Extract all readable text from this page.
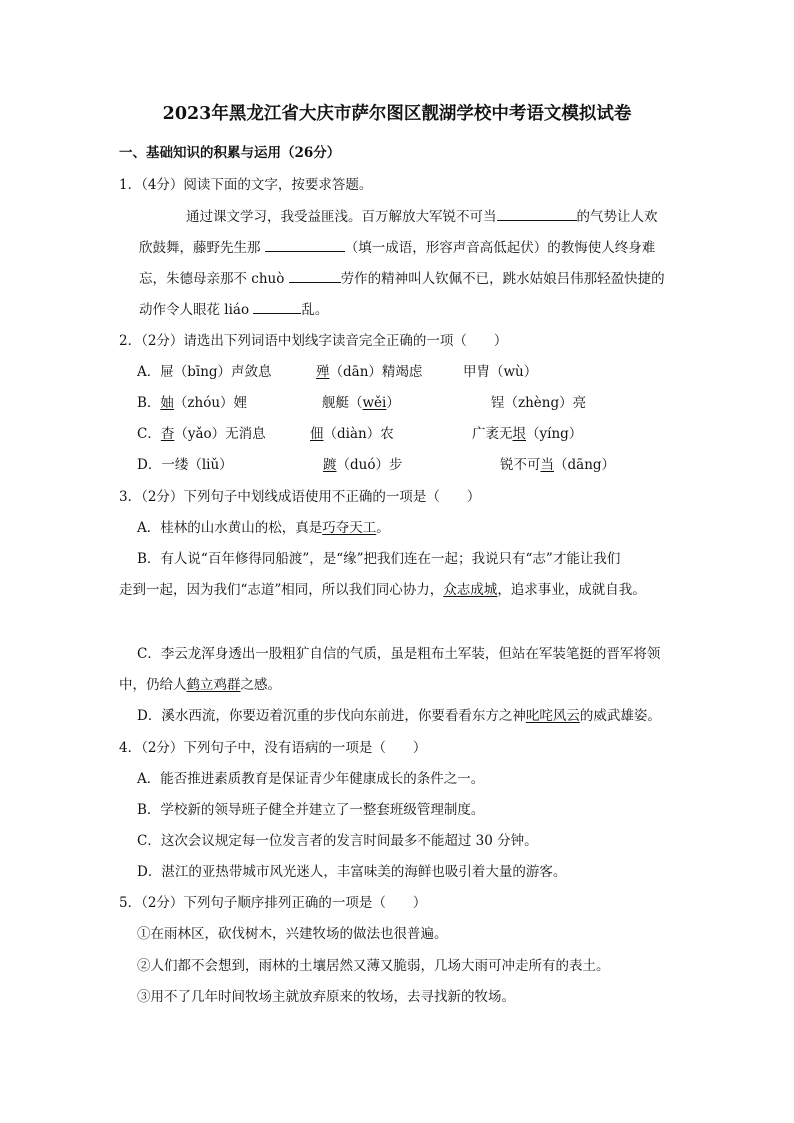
2023年黑龙江省大庆市萨尔图区靓湖学校中考语文模拟试卷
一、基础知识的积累与运用（26分）
1．（4分）阅读下面的文字，按要求答题。
通过课文学习，我受益匪浅。百万解放大军锐不可当	的气势让人欢
欣鼓舞，藤野先生那	（填一成语，形容声音高低起伏）的教悔使人终身难
忘，朱德母亲那不 chuò	劳作的精神叫人钦佩不已，跳水姑娘吕伟那轻盈快捷的
动作令人眼花 liáo	乱。
2．（2分）请选出下列词语中划线字读音完全正确的一项（　　）
A．屉（bīng）声敛息	殚（dān）精竭虑	甲胄（wù）
B．妯（zhóu）娌	舰艇（wěi）	锃（zhèng）亮
C．杳（yǎo）无消息	佃（diàn）农	广袤无垠（yíng）
D．一缕（liǔ）	踱（duó）步	锐不可当（dāng）
3．（2分）下列句子中划线成语使用不正确的一项是（　　）
A．桂林的山水黄山的松，真是巧夺天工。
B．有人说“百年修得同船渡”，是“缘”把我们连在一起；我说只有“志”才能让我们
走到一起，因为我们“志道”相同，所以我们同心协力，众志成城，追求事业，成就自我。
C．李云龙浑身透出一股粗犷自信的气质，虽是粗布土军装，但站在军装笔挺的晋军将领
中，仍给人鹤立鸡群之感。
D．溪水西流，你要迈着沉重的步伐向东前进，你要看看东方之神叱咤风云的威武雄姿。
4．（2分）下列句子中，没有语病的一项是（　　）
A．能否推进素质教育是保证青少年健康成长的条件之一。
B．学校新的领导班子健全并建立了一整套班级管理制度。
C．这次会议规定每一位发言者的发言时间最多不能超过 30 分钟。
D．湛江的亚热带城市风光迷人，丰富味美的海鲜也吸引着大量的游客。
5．（2分）下列句子顺序排列正确的一项是（　　）
①在雨林区，砍伐树木，兴建牧场的做法也很普遍。
②人们都不会想到，雨林的土壤居然又薄又脆弱，几场大雨可冲走所有的表土。
③用不了几年时间牧场主就放弃原来的牧场，去寻找新的牧场。
